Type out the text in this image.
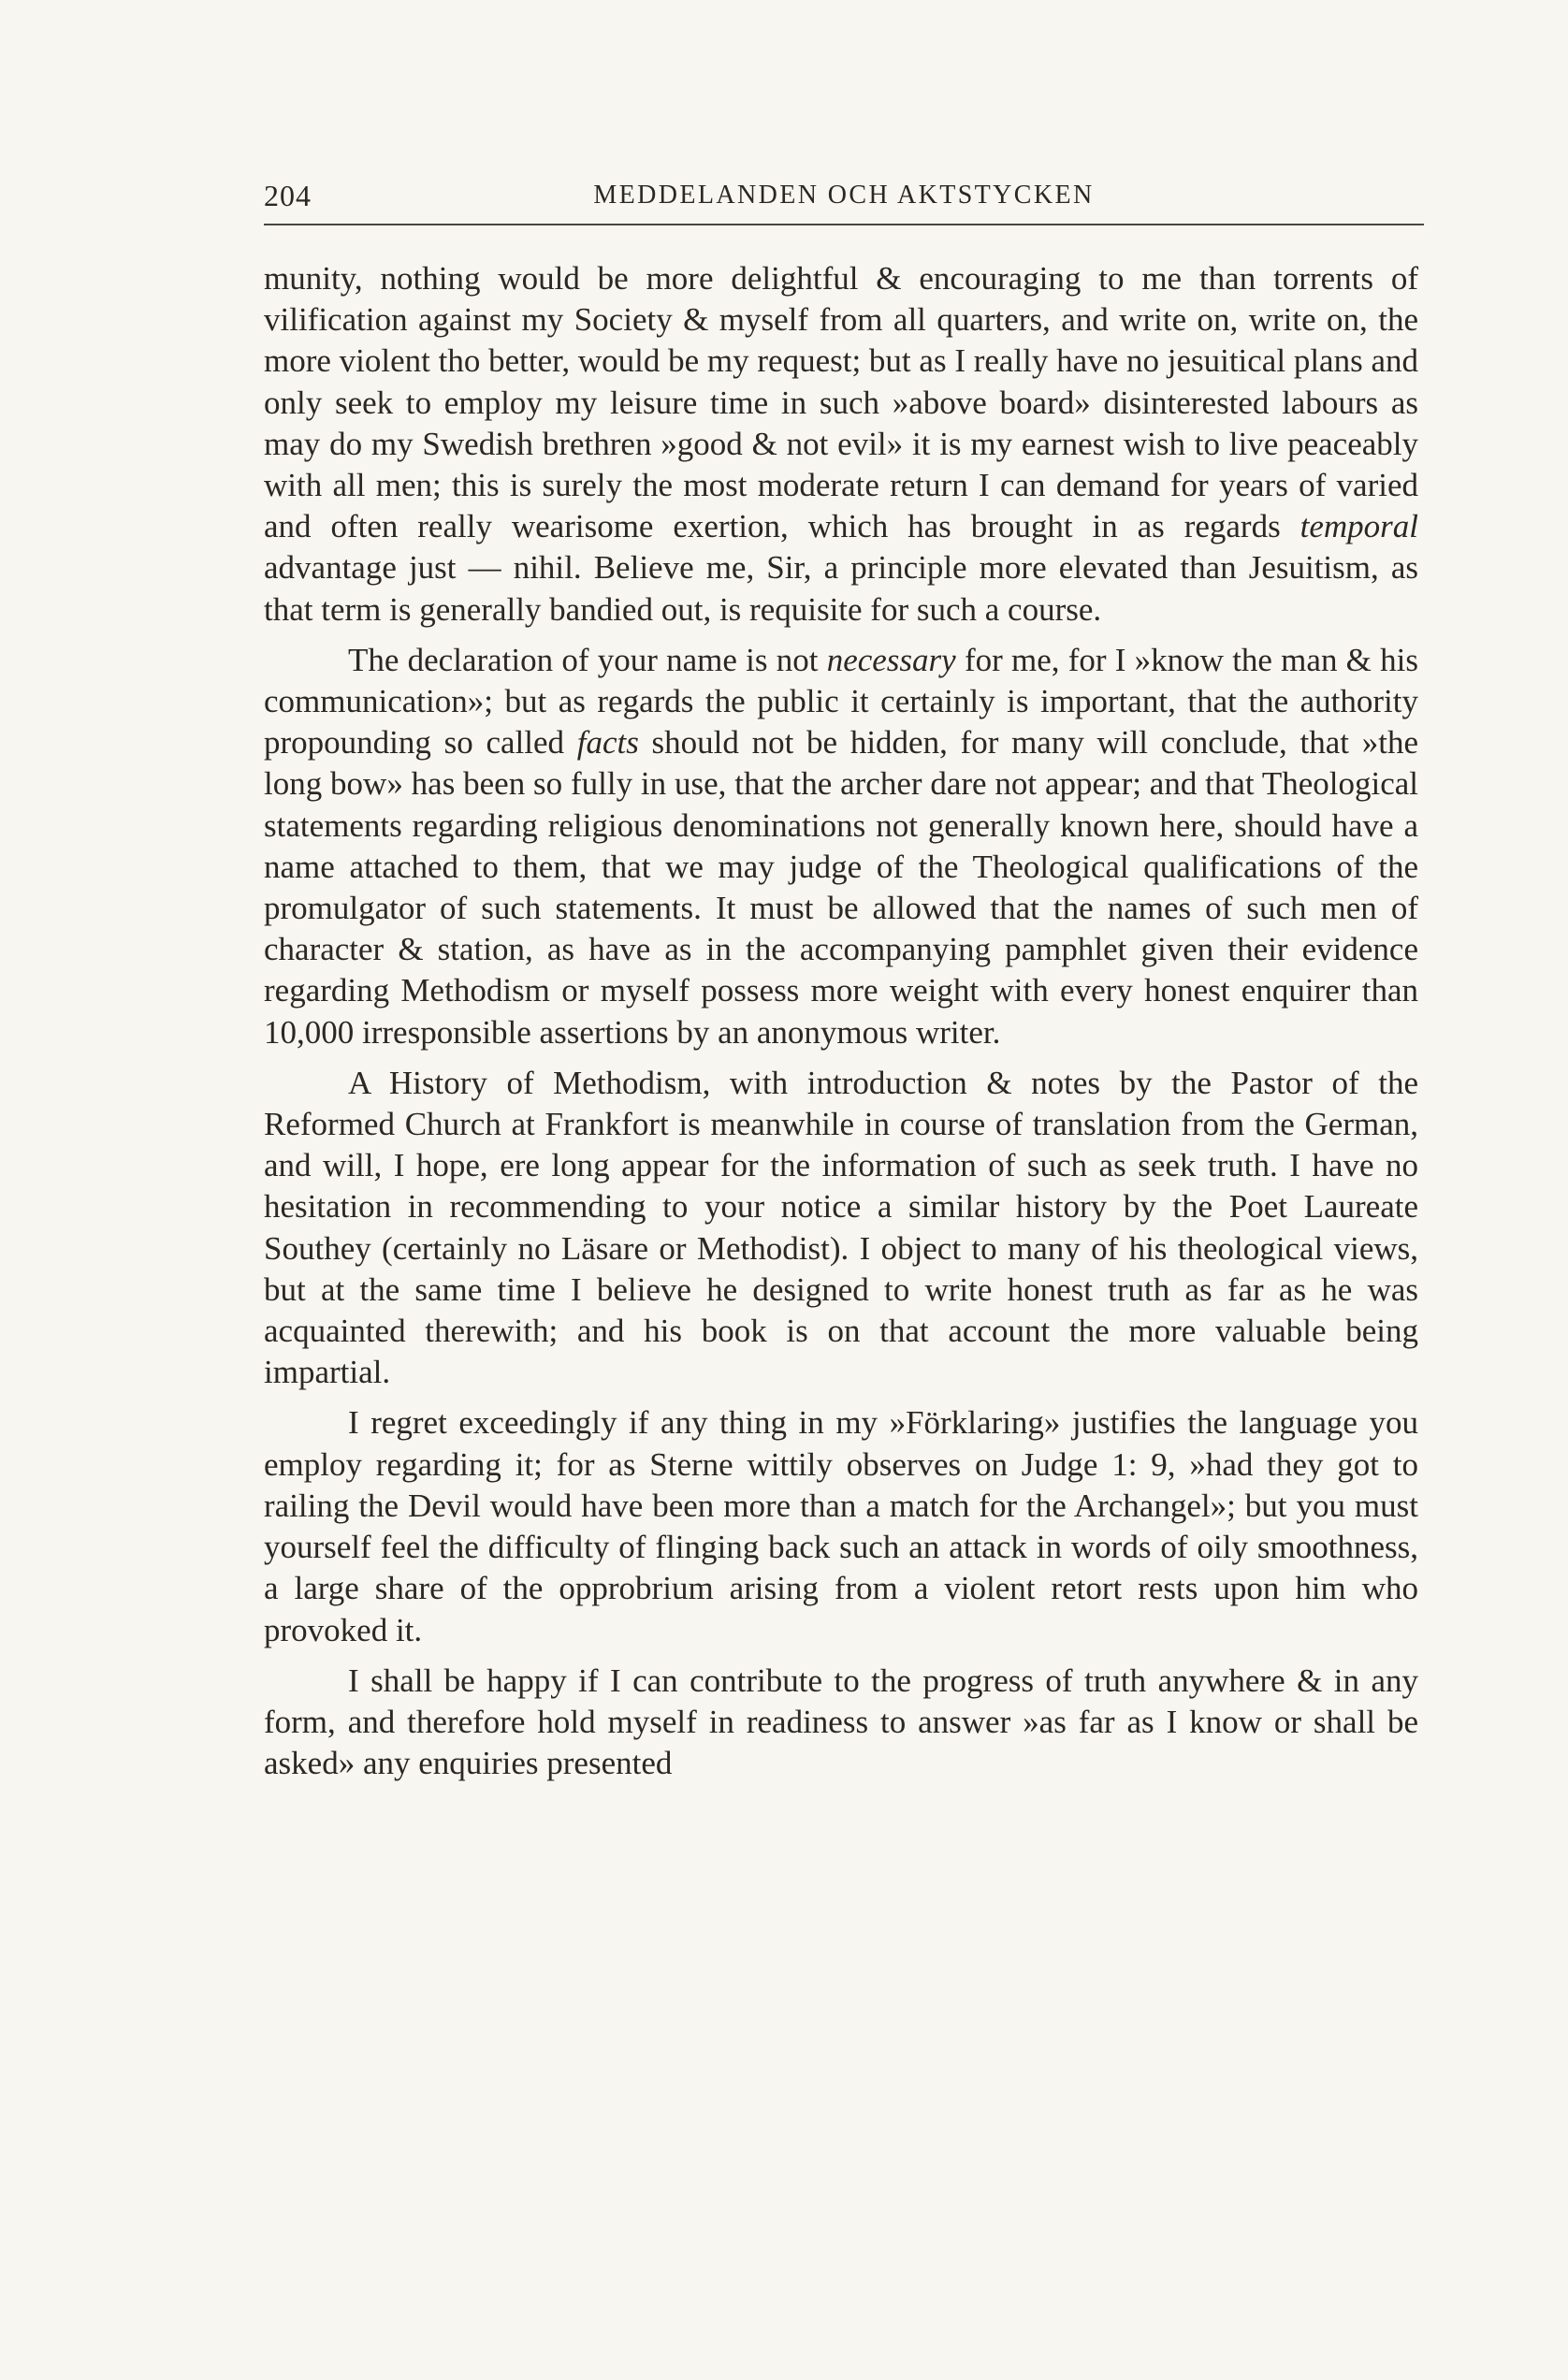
204	MEDDELANDEN OCH AKTSTYCKEN

munity, nothing would be more delightful & encouraging to me than torrents of vilification against my Society & myself from all quarters, and write on, write on, the more violent tho better, would be my request; but as I really have no jesuitical plans and only seek to employ my leisure time in such »above board» disinterested labours as may do my Swedish brethren »good & not evil» it is my earnest wish to live peaceably with all men; this is surely the most moderate return I can demand for years of varied and often really wearisome exertion, which has brought in as regards temporal advantage just — nihil. Believe me, Sir, a principle more elevated than Jesuitism, as that term is generally bandied out, is requisite for such a course.

The declaration of your name is not necessary for me, for I »know the man & his communication»; but as regards the public it certainly is important, that the authority propounding so called facts should not be hidden, for many will conclude, that »the long bow» has been so fully in use, that the archer dare not appear; and that Theological statements regarding religious denominations not generally known here, should have a name attached to them, that we may judge of the Theological qualifications of the promulgator of such statements. It must be allowed that the names of such men of character & station, as have as in the accompanying pamphlet given their evidence regarding Methodism or myself possess more weight with every honest enquirer than 10,000 irresponsible assertions by an anonymous writer.

A History of Methodism, with introduction & notes by the Pastor of the Reformed Church at Frankfort is meanwhile in course of translation from the German, and will, I hope, ere long appear for the information of such as seek truth. I have no hesitation in recommending to your notice a similar history by the Poet Laureate Southey (certainly no Läsare or Methodist). I object to many of his theological views, but at the same time I believe he designed to write honest truth as far as he was acquainted therewith; and his book is on that account the more valuable being impartial.

I regret exceedingly if any thing in my »Förklaring» justifies the language you employ regarding it; for as Sterne wittily observes on Judge 1: 9, »had they got to railing the Devil would have been more than a match for the Archangel»; but you must yourself feel the difficulty of flinging back such an attack in words of oily smoothness, a large share of the opprobrium arising from a violent retort rests upon him who provoked it.

I shall be happy if I can contribute to the progress of truth anywhere & in any form, and therefore hold myself in readiness to answer »as far as I know or shall be asked» any enquiries presented
